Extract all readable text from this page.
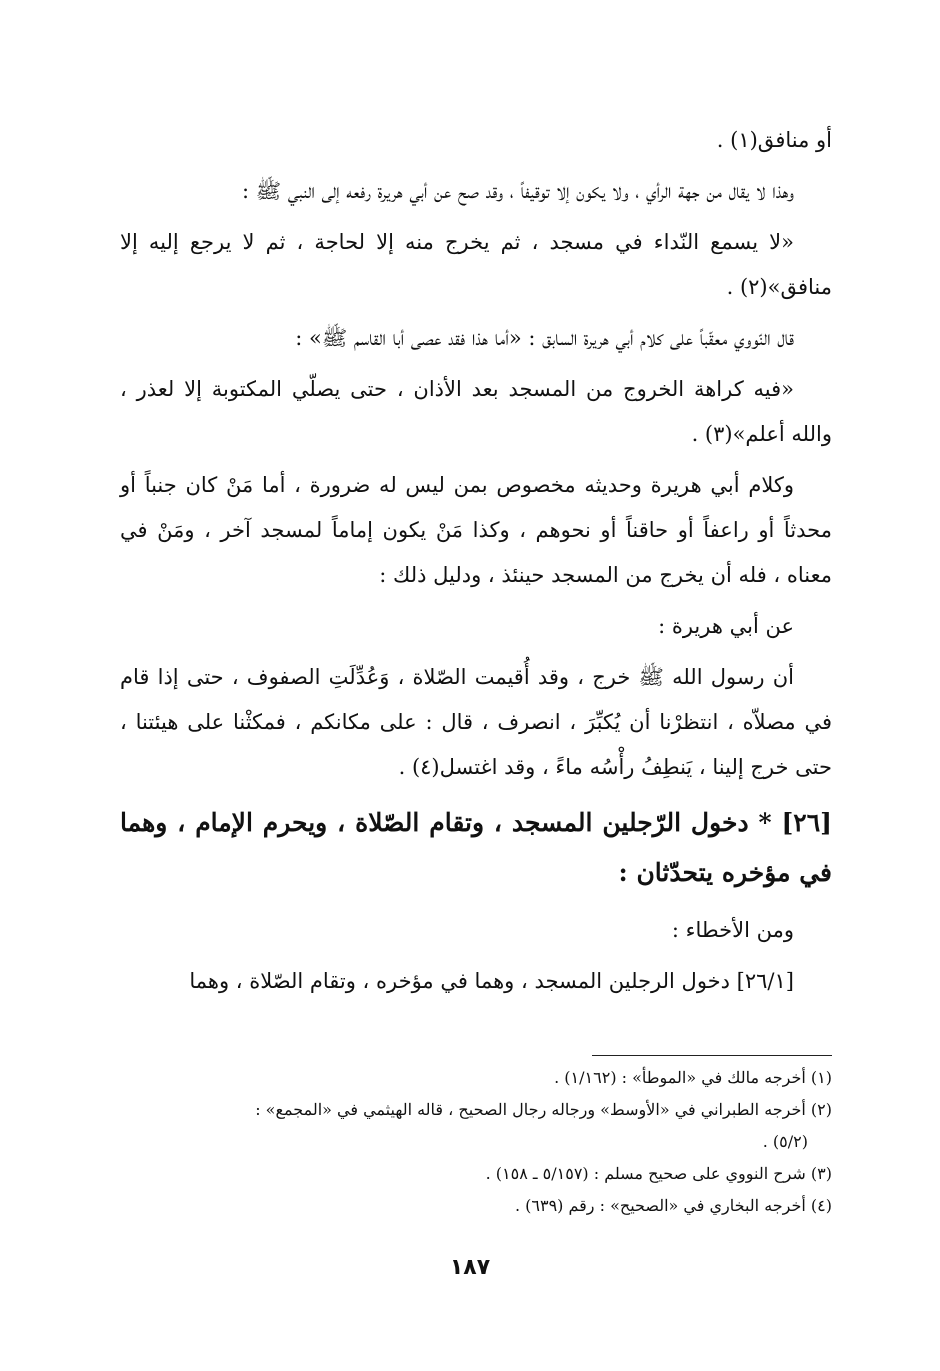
أو منافق(١) .

وهذا لا يقال من جهة الرأي ، ولا يكون إلا توقيفاً ، وقد صح عن أبي هريرة رفعه إلى النبي ﷺ :

«لا يسمع النّداء في مسجد ، ثم يخرج منه إلا لحاجة ، ثم لا يرجع إليه إلا منافق»(٢) .

قال النّووي معقّباً على كلام أبي هريرة السابق : «أما هذا فقد عصى أبا القاسم ﷺ» :

«فيه كراهة الخروج من المسجد بعد الأذان ، حتى يصلّي المكتوبة إلا لعذر ، والله أعلم»(٣) .

وكلام أبي هريرة وحديثه مخصوص بمن ليس له ضرورة ، أما مَنْ كان جنباً أو محدثاً أو راعفاً أو حاقناً أو نحوهم ، وكذا مَنْ يكون إماماً لمسجد آخر ، ومَنْ في معناه ، فله أن يخرج من المسجد حينئذ ، ودليل ذلك :

عن أبي هريرة :

أن رسول الله ﷺ خرج ، وقد أُقيمت الصّلاة ، وَعُدِّلَتِ الصفوف ، حتى إذا قام في مصلاّه ، انتظرْنا أن يُكبِّرَ ، انصرف ، قال : على مكانكم ، فمكثْنا على هيئتنا ، حتى خرج إلينا ، يَنطِفُ رأْسُه ماءً ، وقد اغتسل(٤) .

[٢٦] * دخول الرّجلين المسجد ، وتقام الصّلاة ، ويحرم الإمام ، وهما في مؤخره يتحدّثان :

ومن الأخطاء :

[٢٦/١] دخول الرجلين المسجد ، وهما في مؤخره ، وتقام الصّلاة ، وهما

(١) أخرجه مالك في «الموطأ» : (١/١٦٢) .
(٢) أخرجه الطبراني في «الأوسط» ورجاله رجال الصحيح ، قاله الهيثمي في «المجمع» :
(٥/٢) .
(٣) شرح النووي على صحيح مسلم : (٥/١٥٧ ـ ١٥٨) .
(٤) أخرجه البخاري في «الصحيح» : رقم (٦٣٩) .
١٨٧
